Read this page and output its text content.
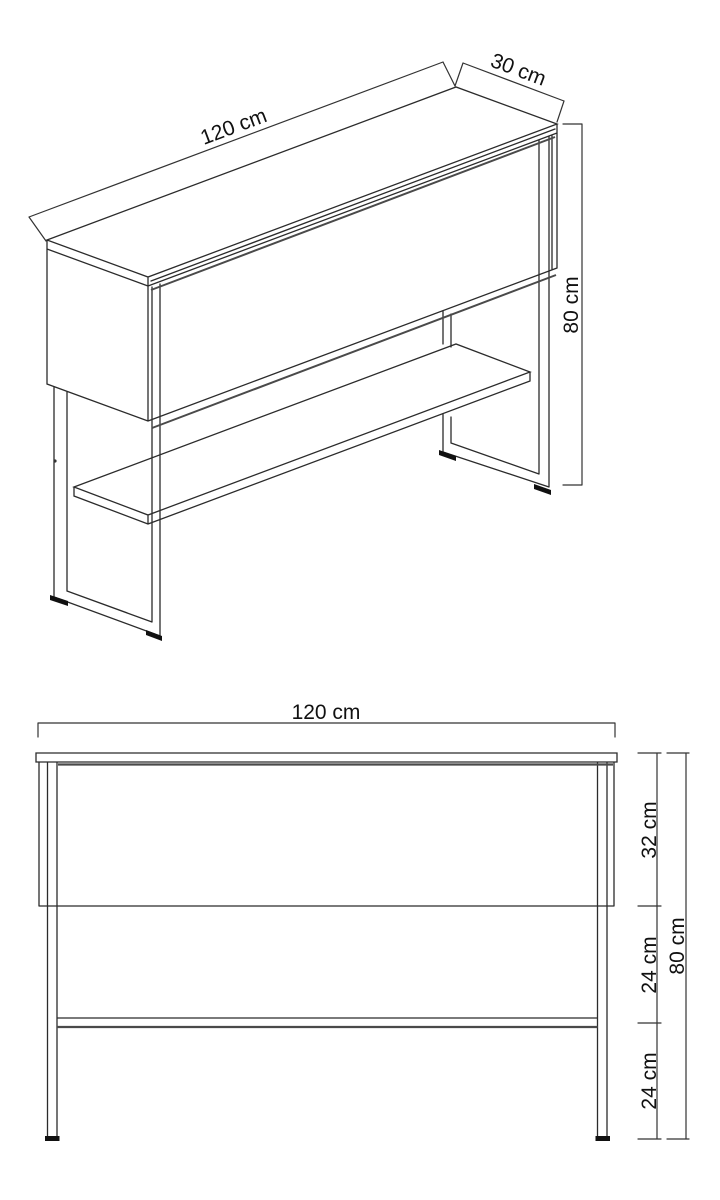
120 cm
30 cm
80 cm
120 cm
32 cm
24 cm
24 cm
80 cm
